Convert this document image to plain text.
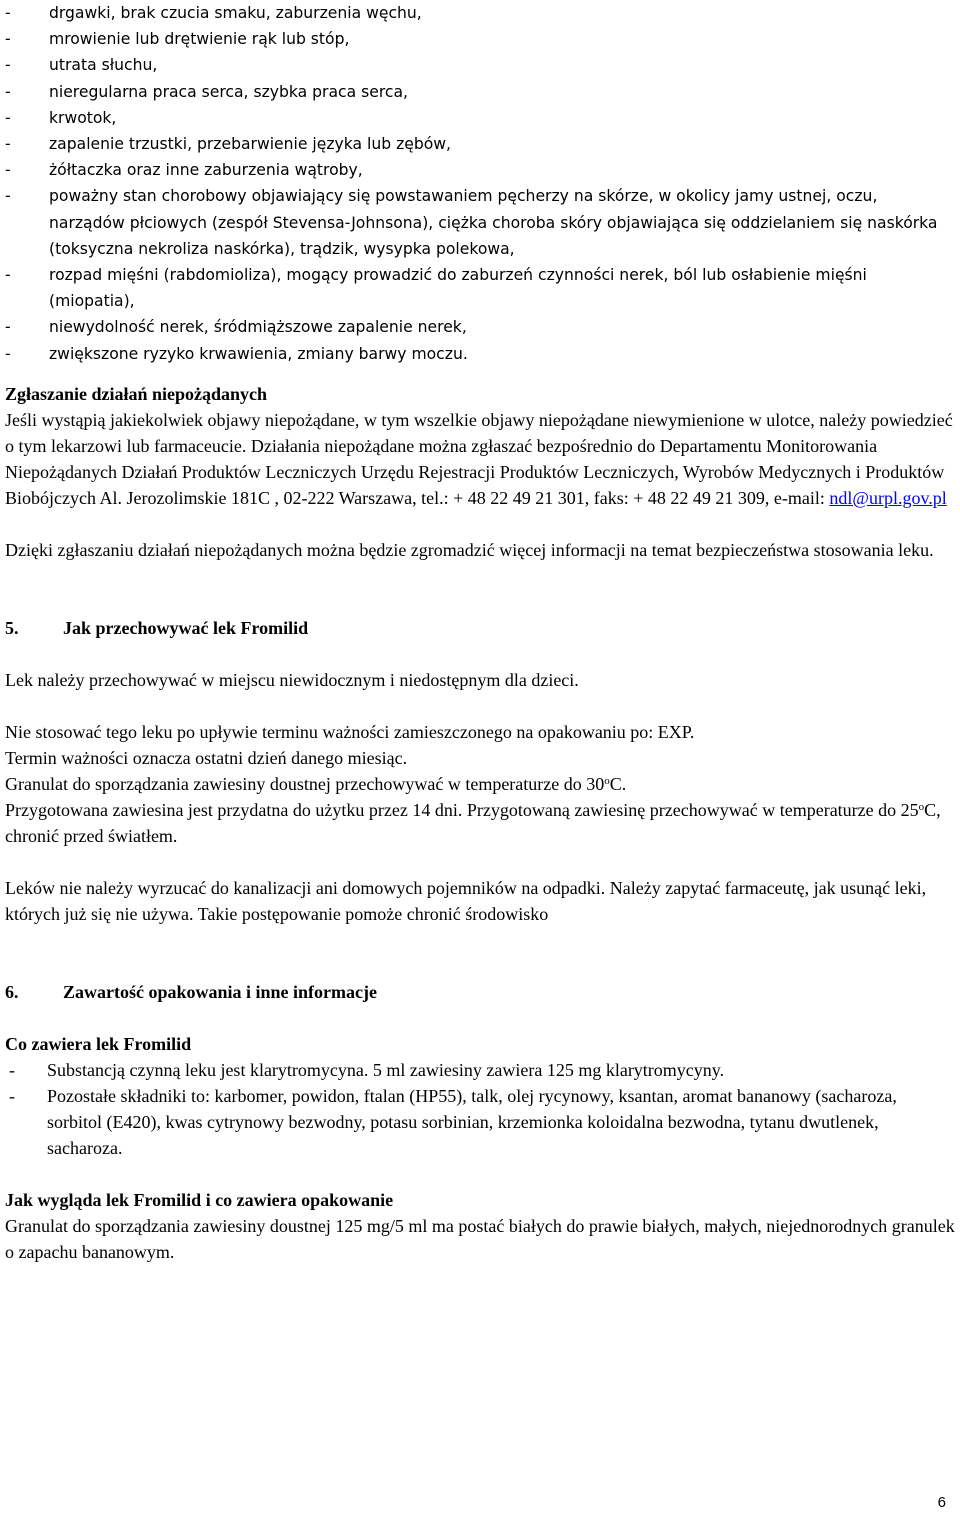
- drgawki, brak czucia smaku, zaburzenia węchu,
- mrowienie lub drętwienie rąk lub stóp,
- utrata słuchu,
- nieregularna praca serca, szybka praca serca,
- krwotok,
- zapalenie trzustki, przebarwienie języka lub zębów,
- żółtaczka oraz inne zaburzenia wątroby,
- poważny stan chorobowy objawiający się powstawaniem pęcherzy na skórze, w okolicy jamy ustnej, oczu, narządów płciowych (zespół Stevensa-Johnsona), ciężka choroba skóry objawiająca się oddzielaniem się naskórka (toksyczna nekroliza naskórka), trądzik, wysypka polekowa,
- rozpad mięśni (rabdomioliza), mogący prowadzić do zaburzeń czynności nerek, ból lub osłabienie mięśni (miopatia),
- niewydolność nerek, śródmiąższowe zapalenie nerek,
- zwiększone ryzyko krwawienia, zmiany barwy moczu.

Zgłaszanie działań niepożądanych

Jeśli wystąpią jakiekolwiek objawy niepożądane, w tym wszelkie objawy niepożądane niewymienione w ulotce, należy powiedzieć o tym lekarzowi lub farmaceucie. Działania niepożądane można zgłaszać bezpośrednio do Departamentu Monitorowania Niepożądanych Działań Produktów Leczniczych Urzędu Rejestracji Produktów Leczniczych, Wyrobów Medycznych i Produktów Biobójczych Al. Jerozolimskie 181C , 02-222 Warszawa, tel.: + 48 22 49 21 301, faks: + 48 22 49 21 309, e-mail: ndl@urpl.gov.pl

Dzięki zgłaszaniu działań niepożądanych można będzie zgromadzić więcej informacji na temat bezpieczeństwa stosowania leku.

5.	Jak przechowywać lek Fromilid

Lek należy przechowywać w miejscu niewidocznym i niedostępnym dla dzieci.

Nie stosować tego leku po upływie terminu ważności zamieszczonego na opakowaniu po: EXP.

Termin ważności oznacza ostatni dzień danego miesiąc.

Granulat do sporządzania zawiesiny doustnej przechowywać w temperaturze do 30$^o$C.

Przygotowana zawiesina jest przydatna do użytku przez 14 dni. Przygotowaną zawiesinę przechowywać w temperaturze do 25$^o$C, chronić przed światłem.

Leków nie należy wyrzucać do kanalizacji ani domowych pojemników na odpadki. Należy zapytać farmaceutę, jak usunąć leki, których już się nie używa. Takie postępowanie pomoże chronić środowisko

6.	Zawartość opakowania i inne informacje

Co zawiera lek Fromilid

- Substancją czynną leku jest klarytromycyna. 5 ml zawiesiny zawiera 125 mg klarytromycyny.
- Pozostałe składniki to: karbomer, powidon, ftalan (HP55), talk, olej rycynowy, ksantan, aromat bananowy (sacharoza, sorbitol (E420), kwas cytrynowy bezwodny, potasu sorbinian, krzemionka koloidalna bezwodna, tytanu dwutlenek, sacharoza.

Jak wygląda lek Fromilid i co zawiera opakowanie

Granulat do sporządzania zawiesiny doustnej 125 mg/5 ml ma postać białych do prawie białych, małych, niejednorodnych granulek o zapachu bananowym.

6
